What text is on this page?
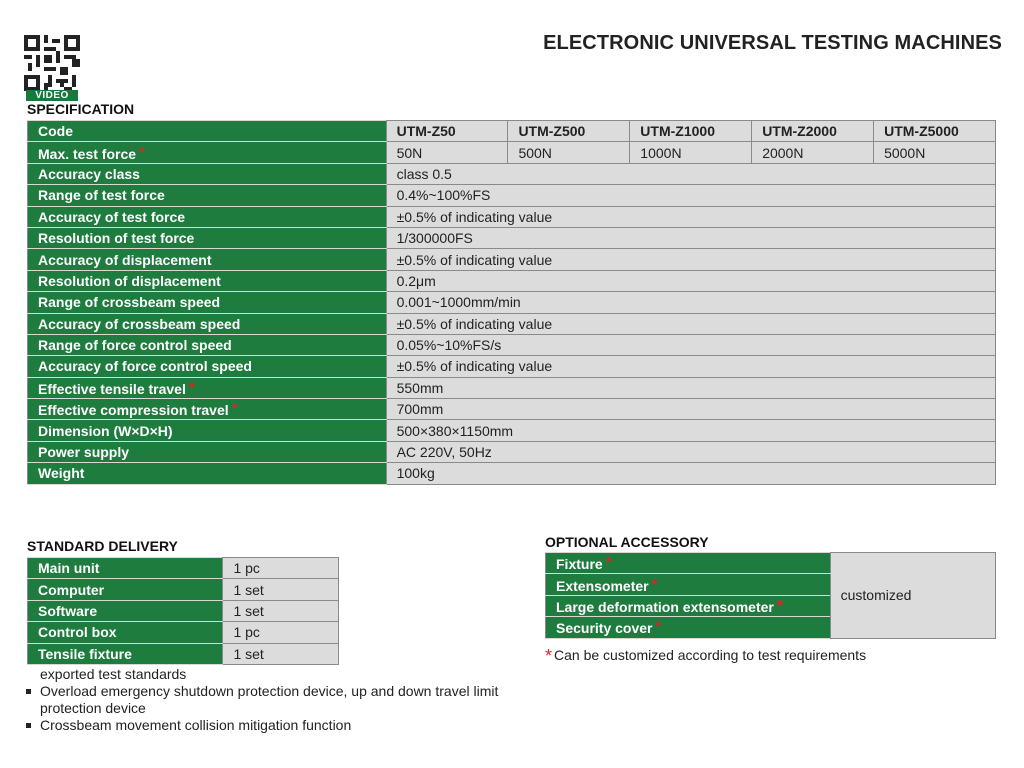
VIDEO
ELECTRONIC UNIVERSAL TESTING MACHINES
SPECIFICATION
Code	UTM-Z50	UTM-Z500	UTM-Z1000	UTM-Z2000	UTM-Z5000
Max. test force *	50N	500N	1000N	2000N	5000N
Accuracy class	class 0.5				
Range of test force	0.4%~100%FS				
Accuracy of test force	±0.5% of indicating value				
Resolution of test force	1/300000FS				
Accuracy of displacement	±0.5% of indicating value				
Resolution of displacement	0.2μm				
Range of crossbeam speed	0.001~1000mm/min				
Accuracy of crossbeam speed	±0.5% of indicating value				
Range of force control speed	0.05%~10%FS/s				
Accuracy of force control speed	±0.5% of indicating value				
Effective tensile travel *	550mm				
Effective compression travel *	700mm				
Dimension (W×D×H)	500×380×1150mm				
Power supply	AC 220V, 50Hz				
Weight	100kg				
STANDARD DELIVERY
Main unit	1 pc
Computer	1 set
Software	1 set
Control box	1 pc
Tensile fixture	1 set
OPTIONAL ACCESSORY
Fixture *	customized
Extensometer *
Large deformation extensometer *
Security cover *
* Can be customized according to test requirements
exported test standards
Overload emergency shutdown protection device, up and down travel limit protection device
Crossbeam movement collision mitigation function
